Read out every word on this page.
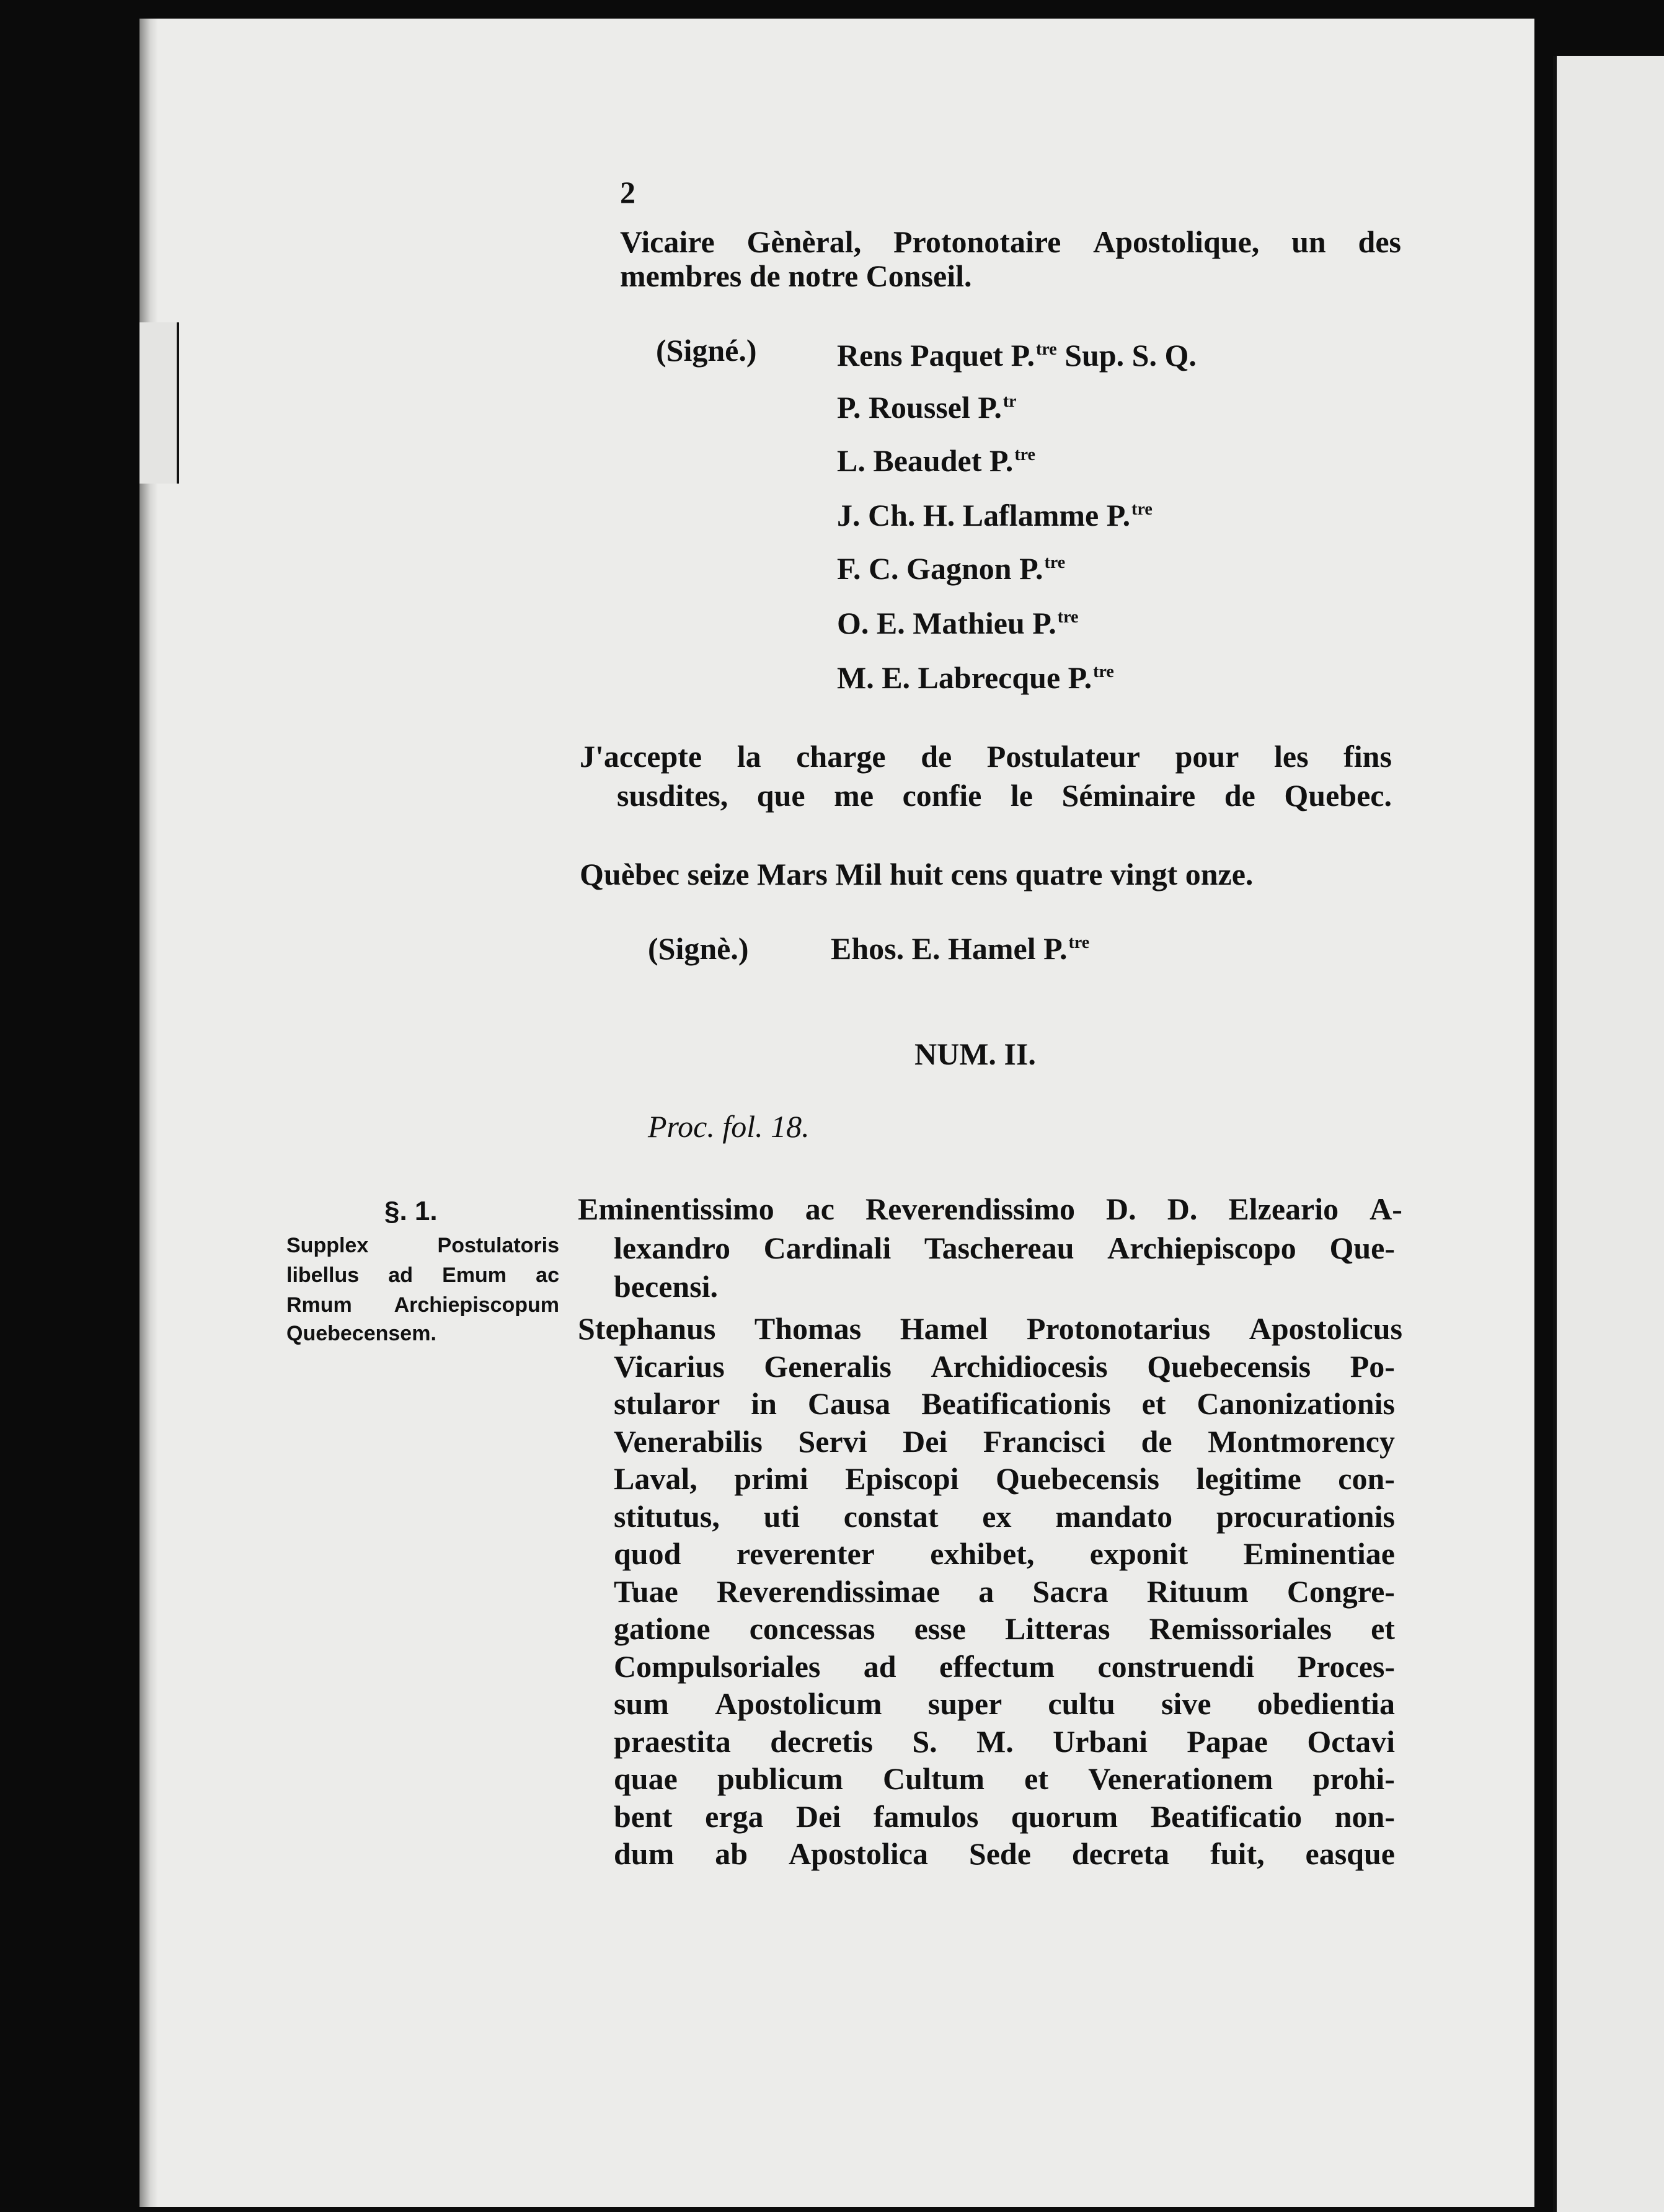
2
Vicaire Gènèral, Protonotaire Apostolique, un des
membres de notre Conseil.
(Signé.)	Rens Paquet P.$^{tre}$ Sup. S. Q.
P. Roussel P.$^{tr}$
L. Beaudet P.$^{tre}$
J. Ch. H. Laflamme P.$^{tre}$
F. C. Gagnon P.$^{tre}$
O. E. Mathieu P.$^{tre}$
M. E. Labrecque P.$^{tre}$
J'accepte la charge de Postulateur pour les fins
susdites, que me confie le Séminaire de Quebec.
Quèbec seize Mars Mil huit cens quatre vingt onze.
(Signè.)	Ehos. E. Hamel P.$^{tre}$
NUM. II.
Proc. fol. 18.
§. 1.
Supplex	Postulatoris
libellus ad Emum ac
Rmum Archiepiscopum
Quebecensem.
Eminentissimo ac Reverendissimo D. D. Elzeario A-
lexandro Cardinali Taschereau Archiepiscopo Que-
becensi.
Stephanus Thomas Hamel Protonotarius Apostolicus
Vicarius Generalis Archidiocesis Quebecensis Po-
stularor in Causa Beatificationis et Canonizationis
Venerabilis Servi Dei Francisci de Montmorency
Laval, primi Episcopi Quebecensis legitime con-
stitutus, uti constat ex mandato procurationis
quod reverenter exhibet, exponit Eminentiae
Tuae Reverendissimae a Sacra Rituum Congre-
gatione concessas esse Litteras Remissoriales et
Compulsoriales ad effectum construendi Proces-
sum Apostolicum super cultu sive obedientia
praestita decretis S. M. Urbani Papae Octavi
quae publicum Cultum et Venerationem prohi-
bent erga Dei famulos quorum Beatificatio non-
dum ab Apostolica Sede decreta fuit, easque
